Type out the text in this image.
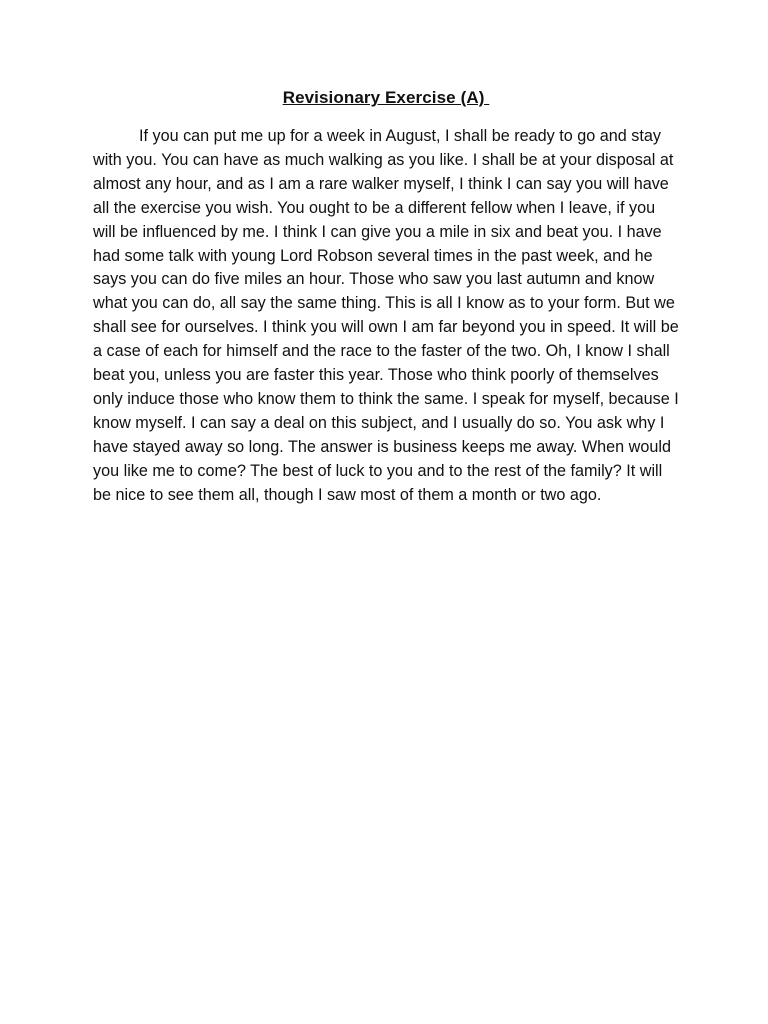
Revisionary Exercise (A)

If you can put me up for a week in August, I shall be ready to go and stay with you. You can have as much walking as you like. I shall be at your disposal at almost any hour, and as I am a rare walker myself, I think I can say you will have all the exercise you wish. You ought to be a different fellow when I leave, if you will be influenced by me. I think I can give you a mile in six and beat you. I have had some talk with young Lord Robson several times in the past week, and he says you can do five miles an hour. Those who saw you last autumn and know what you can do, all say the same thing. This is all I know as to your form. But we shall see for ourselves. I think you will own I am far beyond you in speed. It will be a case of each for himself and the race to the faster of the two. Oh, I know I shall beat you, unless you are faster this year. Those who think poorly of themselves only induce those who know them to think the same. I speak for myself, because I know myself. I can say a deal on this subject, and I usually do so. You ask why I have stayed away so long. The answer is business keeps me away. When would you like me to come? The best of luck to you and to the rest of the family? It will be nice to see them all, though I saw most of them a month or two ago.
